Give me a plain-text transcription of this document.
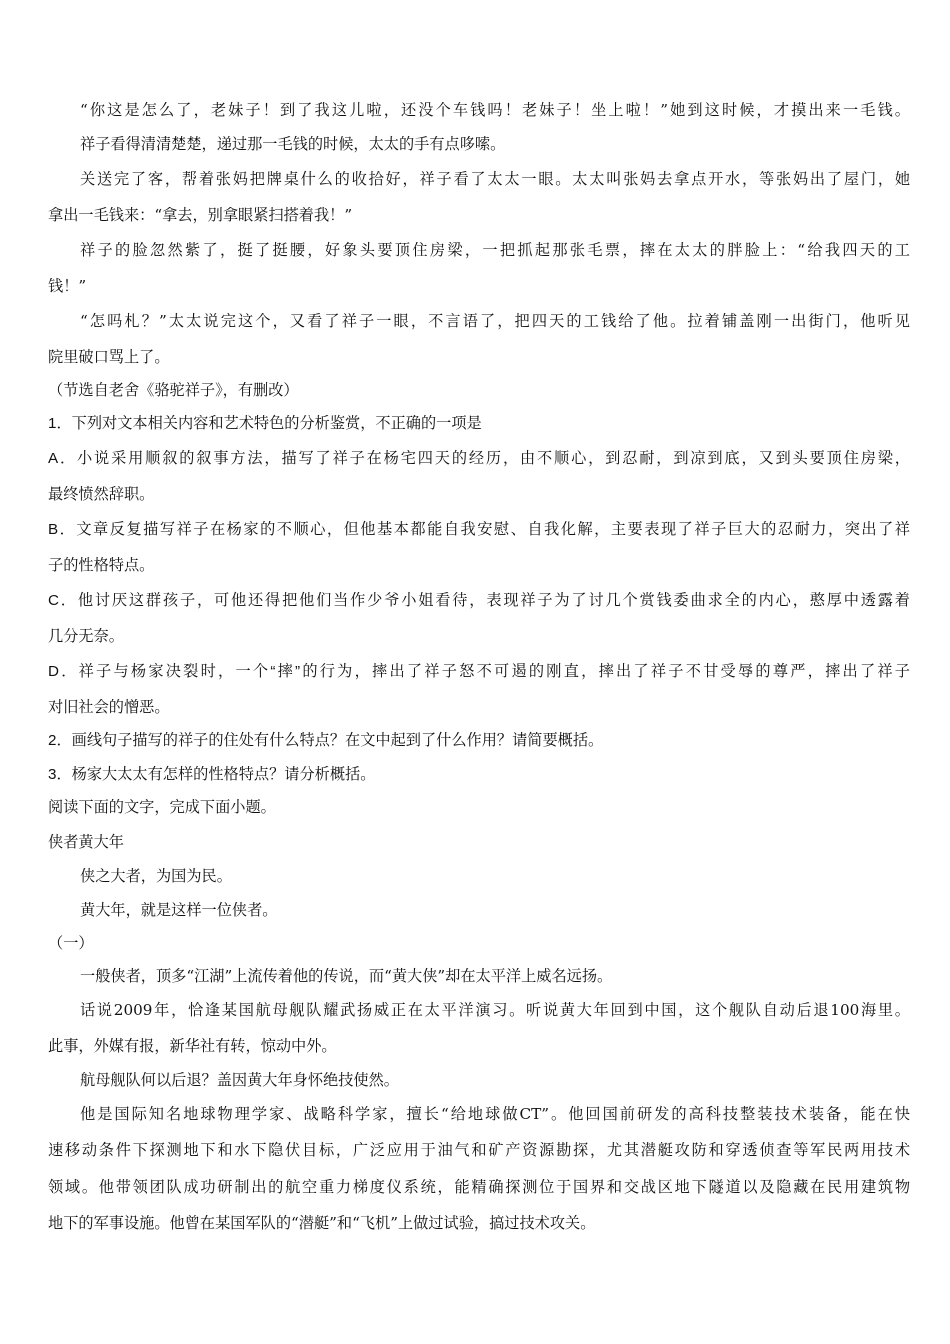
“你这是怎么了，老妹子！到了我这儿啦，还没个车钱吗！老妹子！坐上啦！”她到这时候，才摸出来一毛钱。
祥子看得清清楚楚，递过那一毛钱的时候，太太的手有点哆嗦。
关送完了客，帮着张妈把牌桌什么的收拾好，祥子看了太太一眼。太太叫张妈去拿点开水，等张妈出了屋门，她
拿出一毛钱来：“拿去，别拿眼紧扫搭着我！”
祥子的脸忽然紫了，挺了挺腰，好象头要顶住房梁，一把抓起那张毛票，摔在太太的胖脸上：“给我四天的工
钱！”
“怎吗札？”太太说完这个，又看了祥子一眼，不言语了，把四天的工钱给了他。拉着铺盖刚一出街门，他听见
院里破口骂上了。
（节选自老舍《骆驼祥子》，有删改）
1．下列对文本相关内容和艺术特色的分析鉴赏，不正确的一项是
A．小说采用顺叙的叙事方法，描写了祥子在杨宅四天的经历，由不顺心，到忍耐，到凉到底，又到头要顶住房梁，
最终愤然辞职。
B．文章反复描写祥子在杨家的不顺心，但他基本都能自我安慰、自我化解，主要表现了祥子巨大的忍耐力，突出了祥
子的性格特点。
C．他讨厌这群孩子，可他还得把他们当作少爷小姐看待，表现祥子为了讨几个赏钱委曲求全的内心，憨厚中透露着
几分无奈。
D．祥子与杨家决裂时，一个“摔”的行为，摔出了祥子怒不可遏的刚直，摔出了祥子不甘受辱的尊严，摔出了祥子
对旧社会的憎恶。
2．画线句子描写的祥子的住处有什么特点？在文中起到了什么作用？请简要概括。
3．杨家大太太有怎样的性格特点？请分析概括。
阅读下面的文字，完成下面小题。
侠者黄大年
侠之大者，为国为民。
黄大年，就是这样一位侠者。
（一）
一般侠者，顶多“江湖”上流传着他的传说，而“黄大侠”却在太平洋上威名远扬。
话说2009年，恰逢某国航母舰队耀武扬威正在太平洋演习。听说黄大年回到中国，这个舰队自动后退100海里。
此事，外媒有报，新华社有转，惊动中外。
航母舰队何以后退？盖因黄大年身怀绝技使然。
他是国际知名地球物理学家、战略科学家，擅长“给地球做CT”。他回国前研发的高科技整装技术装备，能在快
速移动条件下探测地下和水下隐伏目标，广泛应用于油气和矿产资源勘探，尤其潜艇攻防和穿透侦查等军民两用技术
领域。他带领团队成功研制出的航空重力梯度仪系统，能精确探测位于国界和交战区地下隧道以及隐藏在民用建筑物
地下的军事设施。他曾在某国军队的“潜艇”和“飞机”上做过试验，搞过技术攻关。
